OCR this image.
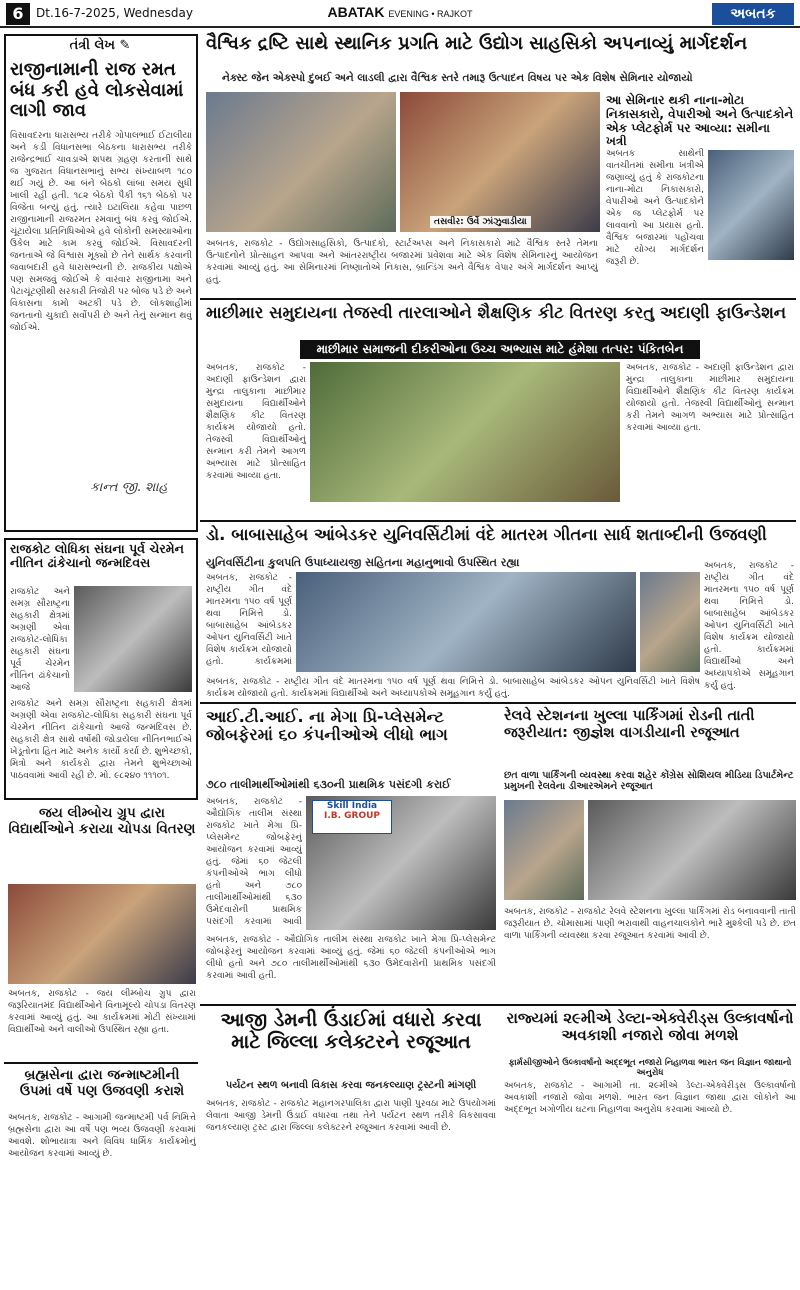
6	Dt.16-7-2025, Wednesday	ABATAK EVENING • RAJKOT	અબતક
તંત્રી લેખ ✎
રાજીનામાની રાજ રમત બંધ કરી હવે લોકસેવામાં લાગી જાવ
વિસાવદરના ધારાસભ્ય તરીકે ગોપાલભાઈ ઈટાલીયા અને કડી વિધાનસભા બેઠકના ધારાસભ્ય તરીકે રાજેન્દ્રભાઈ ચાવડાએ શપથ ગ્રહણ કરતાની સાથે જ ગુજરાત વિધાનસભાનું સભ્ય સંખ્યાબળ ૧૮૦ થઈ ગયું છે. આ બંને બેઠકો લાંબા સમય સુધી ખાલી રહી હતી. ૧૮૨ બેઠકો પૈકી ૧૬૧ બેઠકો પર વિજેતા બન્યું હતું. ત્યારે ઇટાલિયા કહેવા પાછળ રાજીનામાની રાજરમત રમવાનું બંધ કરવું જોઈએ. ચૂંટાયેલા પ્રતિનિધિઓએ હવે લોકોની સમસ્યાઓના ઉકેલ માટે કામ કરવું જોઈએ. વિસાવદરની જનતાએ જે વિશ્વાસ મૂક્યો છે તેને સાર્થક કરવાની જવાબદારી હવે ધારાસભ્યની છે. રાજકીય પક્ષોએ પણ સમજવું જોઈએ કે વારંવાર રાજીનામા અને પેટાચૂંટણીથી સરકારી તિજોરી પર બોજ પડે છે અને વિકાસના કામો અટકી પડે છે. લોકશાહીમાં જનતાનો ચુકાદો સર્વોપરી છે અને તેનું સન્માન થવું જોઈએ.
કાન્ત જી. શાહ
વૈશ્વિક દ્રષ્ટિ સાથે સ્થાનિક પ્રગતિ માટે ઉદ્યોગ સાહસિકો અપનાવ્યું માર્ગદર્શન
નેક્સ્ટ જેન એક્સ્પો દુબઈ અને લાડલી દ્વારા વૈશ્વિક સ્તરે તમારૂ ઉત્પાદન વિષય પર એક વિશેષ સેમિનાર યોજાયો
તસવીર: ઉર્વે ઝાંઝુવાડીયા
અબતક, રાજકોટ - ઉદ્યોગસાહસિકો, ઉત્પાદકો, સ્ટાર્ટઅપ્સ અને નિકાસકારો માટે વૈશ્વિક સ્તરે તેમના ઉત્પાદનોને પ્રોત્સાહન આપવા અને આંતરરાષ્ટ્રીય બજારમાં પ્રવેશવા માટે એક વિશેષ સેમિનારનું આયોજન કરવામાં આવ્યું હતું. આ સેમિનારમાં નિષ્ણાતોએ નિકાસ, બ્રાન્ડિંગ અને વૈશ્વિક વેપાર અંગે માર્ગદર્શન આપ્યું હતું.
આ સેમિનાર થકી નાના-મોટા નિકાસકારો, વેપારીઓ અને ઉત્પાદકોને એક પ્લેટફોર્મ પર આવ્યા: સમીના ખત્રી
અબતક સાથેની વાતચીતમાં સમીના ખત્રીએ જણાવ્યું હતું કે રાજકોટના નાના-મોટા નિકાસકારો, વેપારીઓ અને ઉત્પાદકોને એક જ પ્લેટફોર્મ પર લાવવાનો આ પ્રયાસ હતો. વૈશ્વિક બજારમાં પહોંચવા માટે યોગ્ય માર્ગદર્શન જરૂરી છે.
માછીમાર સમુદાયના તેજસ્વી તારલાઓને શૈક્ષણિક કીટ વિતરણ કરતુ અદાણી ફાઉન્ડેશન
માછીમાર સમાજની દીકરીઓના ઉચ્ચ અભ્યાસ માટે હંમેશા તત્પર: પંકિતબેન
અબતક, રાજકોટ - અદાણી ફાઉન્ડેશન દ્વારા મુન્દ્રા તાલુકાના માછીમાર સમુદાયના વિદ્યાર્થીઓને શૈક્ષણિક કીટ વિતરણ કાર્યક્રમ યોજાયો હતો. તેજસ્વી વિદ્યાર્થીઓનું સન્માન કરી તેમને આગળ અભ્યાસ માટે પ્રોત્સાહિત કરવામાં આવ્યા હતા.
અબતક, રાજકોટ - અદાણી ફાઉન્ડેશન દ્વારા મુન્દ્રા તાલુકાના માછીમાર સમુદાયના વિદ્યાર્થીઓને શૈક્ષણિક કીટ વિતરણ કાર્યક્રમ યોજાયો હતો. તેજસ્વી વિદ્યાર્થીઓનું સન્માન કરી તેમને આગળ અભ્યાસ માટે પ્રોત્સાહિત કરવામાં આવ્યા હતા.
રાજકોટ લોધિકા સંઘના પૂર્વ ચેરમેન નીતિન ઢાંકેચાનો જન્મદિવસ
રાજકોટ અને સમગ્ર સૌરાષ્ટ્રના સહકારી ક્ષેત્રમાં અગ્રણી એવા રાજકોટ-લોધિકા સહકારી સંઘના પૂર્વ ચેરમેન નીતિન ઢાંકેચાનો આજે
રાજકોટ અને સમગ્ર સૌરાષ્ટ્રના સહકારી ક્ષેત્રમાં અગ્રણી એવા રાજકોટ-લોધિકા સહકારી સંઘના પૂર્વ ચેરમેન નીતિન ઢાંકેચાનો આજે જન્મદિવસ છે. સહકારી ક્ષેત્ર સાથે વર્ષોથી જોડાયેલા નીતિનભાઈએ ખેડૂતોના હિત માટે અનેક કાર્યો કર્યા છે. શુભેચ્છકો, મિત્રો અને કાર્યકરો દ્વારા તેમને શુભેચ્છાઓ પાઠવવામાં આવી રહી છે. મો. ૯૮૨૪૦ ૧૧૧૦૧.
ડો. બાબાસાહેબ આંબેડકર યુનિવર્સિટીમાં વંદે માતરમ ગીતના સાર્ધ શતાબ્દીની ઉજવણી
યુનિવર્સિટીના કુલપતિ ઉપાધ્યાયજી સહિતના મહાનુભાવો ઉપસ્થિત રહ્યા
અબતક, રાજકોટ - રાષ્ટ્રીય ગીત વંદે માતરમના ૧૫૦ વર્ષ પૂર્ણ થવા નિમિત્તે ડો. બાબાસાહેબ આંબેડકર ઓપન યુનિવર્સિટી ખાતે વિશેષ કાર્યક્રમ યોજાયો હતો. કાર્યક્રમમાં
અબતક, રાજકોટ - રાષ્ટ્રીય ગીત વંદે માતરમના ૧૫૦ વર્ષ પૂર્ણ થવા નિમિત્તે ડો. બાબાસાહેબ આંબેડકર ઓપન યુનિવર્સિટી ખાતે વિશેષ કાર્યક્રમ યોજાયો હતો. કાર્યક્રમમાં વિદ્યાર્થીઓ અને અધ્યાપકોએ સમૂહગાન કર્યું હતું.
અબતક, રાજકોટ - રાષ્ટ્રીય ગીત વંદે માતરમના ૧૫૦ વર્ષ પૂર્ણ થવા નિમિત્તે ડો. બાબાસાહેબ આંબેડકર ઓપન યુનિવર્સિટી ખાતે વિશેષ કાર્યક્રમ યોજાયો હતો. કાર્યક્રમમાં વિદ્યાર્થીઓ અને અધ્યાપકોએ સમૂહગાન કર્યું હતું.
આઈ.ટી.આઈ. ના મેગા પ્રિ-પ્લેસમેન્ટ જોબફેરમાં ૬૦ કંપનીઓએ લીધો ભાગ
૭૮૦ તાલીમાર્થીઓમાંથી ૬૩૦ની પ્રાથમિક પસંદગી કરાઈ
અબતક, રાજકોટ - ઔદ્યોગિક તાલીમ સંસ્થા રાજકોટ ખાતે મેગા પ્રિ-પ્લેસમેન્ટ જોબફેરનું આયોજન કરવામાં આવ્યું હતું. જેમાં ૬૦ જેટલી કંપનીઓએ ભાગ લીધો હતો અને ૭૮૦ તાલીમાર્થીઓમાંથી ૬૩૦ ઉમેદવારોની પ્રાથમિક પસંદગી કરવામાં આવી
Skill India
I.B. GROUP
અબતક, રાજકોટ - ઔદ્યોગિક તાલીમ સંસ્થા રાજકોટ ખાતે મેગા પ્રિ-પ્લેસમેન્ટ જોબફેરનું આયોજન કરવામાં આવ્યું હતું. જેમાં ૬૦ જેટલી કંપનીઓએ ભાગ લીધો હતો અને ૭૮૦ તાલીમાર્થીઓમાંથી ૬૩૦ ઉમેદવારોની પ્રાથમિક પસંદગી કરવામાં આવી હતી.
રેલવે સ્ટેશનના ખુલ્લા પાર્કિંગમાં રોડની તાતી જરૂરીયાત: જીજ્ઞેશ વાગડીયાની રજૂઆત
છત વાળા પાર્કિંગની વ્યવસ્થા કરવા શહેર કોંગ્રેસ સોશિયલ મીડિયા ડિપાર્ટમેન્ટ પ્રમુખની રેલવેના ડીઆરએમને રજૂઆત
અબતક, રાજકોટ - રાજકોટ રેલવે સ્ટેશનના ખુલ્લા પાર્કિંગમાં રોડ બનાવવાની તાતી જરૂરીયાત છે. ચોમાસામાં પાણી ભરાવાથી વાહનચાલકોને ભારે મુશ્કેલી પડે છે. છત વાળા પાર્કિંગની વ્યવસ્થા કરવા રજૂઆત કરવામાં આવી છે.
જય લીમ્બોચ ગ્રુપ દ્વારા વિદ્યાર્થીઓને કરાયા ચોપડા વિતરણ
અબતક, રાજકોટ - જય લીમ્બોચ ગ્રુપ દ્વારા જરૂરિયાતમંદ વિદ્યાર્થીઓને વિનામૂલ્યે ચોપડા વિતરણ કરવામાં આવ્યું હતું. આ કાર્યક્રમમાં મોટી સંખ્યામાં વિદ્યાર્થીઓ અને વાલીઓ ઉપસ્થિત રહ્યા હતા.
બ્રહ્મસેના દ્વારા જન્માષ્ટમીની ઉપમાં વર્ષે પણ ઉજવણી કરાશે
અબતક, રાજકોટ - આગામી જન્માષ્ટમી પર્વ નિમિત્તે બ્રહ્મસેના દ્વારા આ વર્ષે પણ ભવ્ય ઉજવણી કરવામાં આવશે. શોભાયાત્રા અને વિવિધ ધાર્મિક કાર્યક્રમોનું આયોજન કરવામાં આવ્યું છે.
આજી ડેમની ઉંડાઈમાં વધારો કરવા માટે જિલ્લા કલેક્ટરને રજૂઆત
પર્યટન સ્થળ બનાવી વિકાસ કરવા જનકલ્યાણ ટ્રસ્ટની માંગણી
અબતક, રાજકોટ - રાજકોટ મહાનગરપાલિકા દ્વારા પાણી પુરવઠા માટે ઉપયોગમાં લેવાતા આજી ડેમની ઉંડાઈ વધારવા તથા તેને પર્યટન સ્થળ તરીકે વિકસાવવા જનકલ્યાણ ટ્રસ્ટ દ્વારા જિલ્લા કલેક્ટરને રજૂઆત કરવામાં આવી છે.
રાજ્યમાં ૨૯મીએ ડેલ્ટા-એક્વેરીડ્સ ઉલ્કાવર્ષાનો અવકાશી નજારો જોવા મળશે
ફાર્મસીજીઓને ઉલ્કાવર્ષાનો અદ્દભૂત નજારો નિહાળવા ભારત જન વિજ્ઞાન જાથાનો અનુરોધ
અબતક, રાજકોટ - આગામી તા. ૨૯મીએ ડેલ્ટા-એક્વેરીડ્સ ઉલ્કાવર્ષાનો અવકાશી નજારો જોવા મળશે. ભારત જન વિજ્ઞાન જાથા દ્વારા લોકોને આ અદ્દભૂત ખગોળીય ઘટના નિહાળવા અનુરોધ કરવામાં આવ્યો છે.
